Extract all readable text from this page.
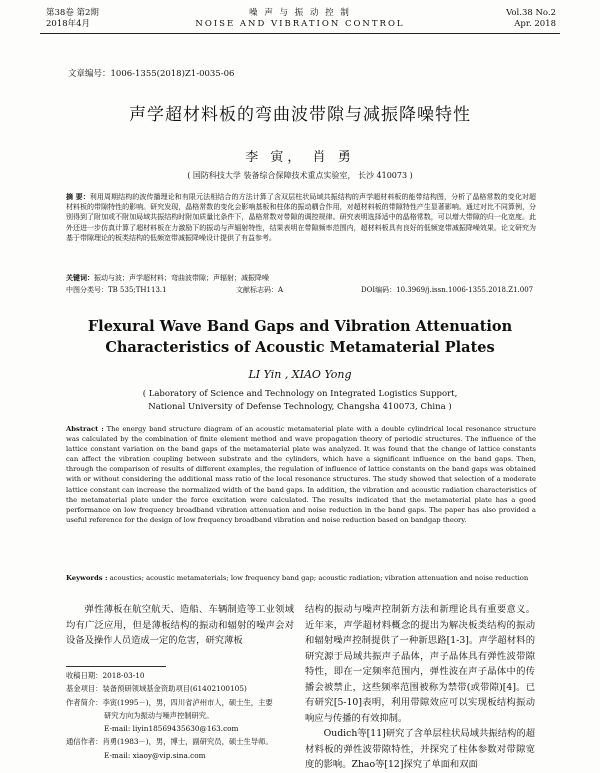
第38卷 第2期
2018年4月
噪 声 与 振 动 控 制
NOISE AND VIBRATION CONTROL
Vol.38 No.2
Apr. 2018
文章编号：1006-1355(2018)Z1-0035-06
声学超材料板的弯曲波带隙与减振降噪特性
李 寅， 肖 勇
( 国防科技大学 装备综合保障技术重点实验室， 长沙 410073 )
摘 要：利用周期结构的波传播理论和有限元法相结合的方法计算了含双层柱状局域共振结构的声学超材料板的能带结构图，分析了晶格常数的变化对超材料板的带隙特性的影响。研究发现，晶格常数的变化会影响基板和柱体的振动耦合作用，对超材料板的带隙特性产生显著影响。通过对比不同算例，分别得到了附加或不附加局域共振结构时附加质量比条件下，晶格常数对带隙的调控规律。研究表明选择适中的晶格常数，可以增大带隙的归一化宽度。此外还进一步仿真计算了超材料板在力激励下的振动与声辐射特性，结果表明在带隙频率范围内，超材料板具有良好的低频宽带减振降噪效果。论文研究为基于带隙理论的板类结构的低频宽带减振降噪设计提供了有益参考。
关键词：振动与波；声学超材料；弯曲波带隙；声辐射；减振降噪
中图分类号：TB 535;TH113.1	文献标志码：A	DOI编码：10.3969/j.issn.1006-1355.2018.Z1.007
Flexural Wave Band Gaps and Vibration Attenuation
Characteristics of Acoustic Metamaterial Plates
LI Yin , XIAO Yong
( Laboratory of Science and Technology on Integrated Logistics Support,
National University of Defense Technology, Changsha 410073, China )
Abstract : The energy band structure diagram of an acoustic metamaterial plate with a double cylindrical local resonance structure was calculated by the combination of finite element method and wave propagation theory of periodic structures. The influence of the lattice constant variation on the band gaps of the metamaterial plate was analyzed. It was found that the change of lattice constants can affect the vibration coupling between substrate and the cylinders, which have a significant influence on the band gaps. Then, through the comparison of results of different examples, the regulation of influence of lattice constants on the band gaps was obtained with or without considering the additional mass ratio of the local resonance structures. The study showed that selection of a moderate lattice constant can increase the normalized width of the band gaps. In addition, the vibration and acoustic radiation characteristics of the metamaterial plate under the force excitation were calculated. The results indicated that the metamaterial plate has a good performance on low frequency broadband vibration attenuation and noise reduction in the band gaps. The paper has also provided a useful reference for the design of low frequency broadband vibration and noise reduction based on bandgap theory.
Keywords : acoustics; acoustic metamaterials; low frequency band gap; acoustic radiation; vibration attenuation and noise reduction
弹性薄板在航空航天、造船、车辆制造等工业领域均有广泛应用，但是薄板结构的振动和辐射的噪声会对设备及操作人员造成一定的危害，研究薄板
收稿日期：2018-03-10
基金项目：装备预研领域基金资助项目(61402100105)
作者简介：李寅(1995－)，男，四川省泸州市人，硕士生，主要
研究方向为振动与噪声控制研究。
E-mail: liyin18569435630@163.com
通信作者：肖勇(1983－)，男，博士，副研究员，硕士生导师。
E-mail: xiaoy@vip.sina.com
结构的振动与噪声控制新方法和新理论具有重要意义。近年来，声学超材料概念的提出为解决板类结构的振动和辐射噪声控制提供了一种新思路[1-3]。声学超材料的研究源于局域共振声子晶体，声子晶体具有弹性波带隙特性，即在一定频率范围内，弹性波在声子晶体中的传播会被禁止，这些频率范围被称为禁带(或带隙)[4]。已有研究[5-10]表明，利用带隙效应可以实现板结构振动响应与传播的有效抑制。
Oudich等[11]研究了含单层柱状局域共振结构的超材料板的弹性波带隙特性，并探究了柱体参数对带隙宽度的影响。Zhao等[12]探究了单面和双面
